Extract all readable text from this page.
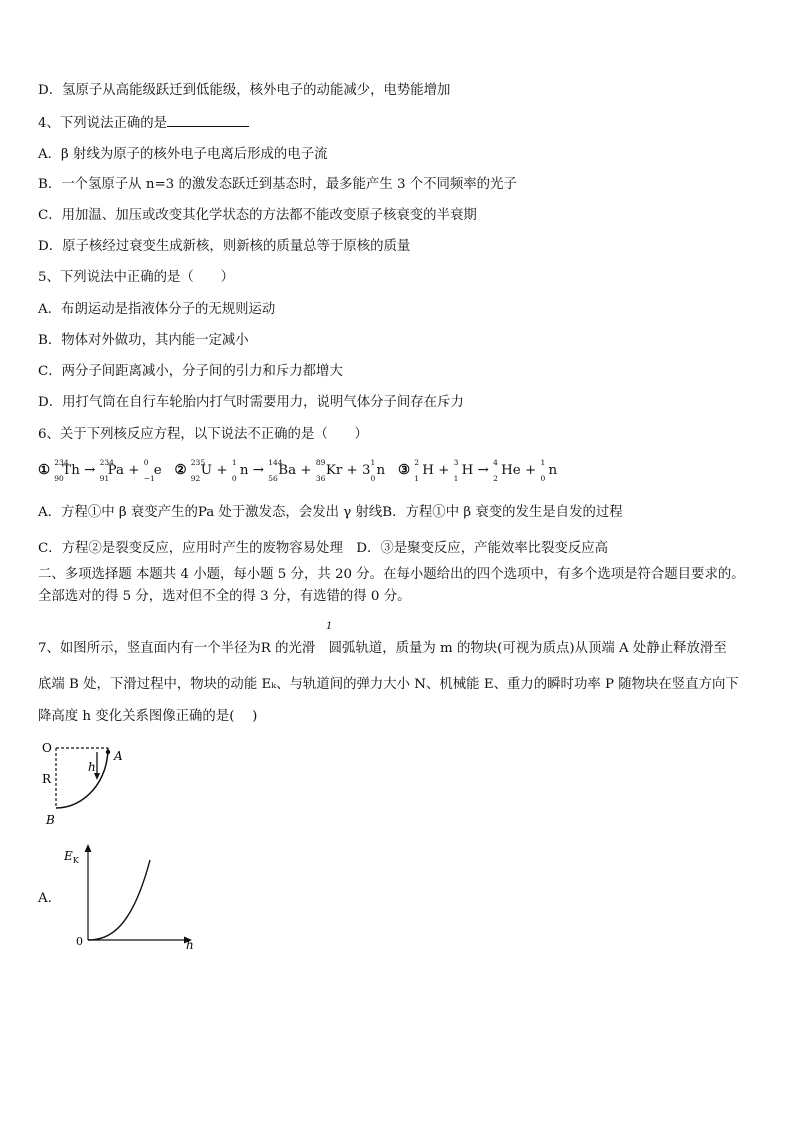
D．氢原子从高能级跃迁到低能级，核外电子的动能减少，电势能增加
4、下列说法正确的是
A．β 射线为原子的核外电子电离后形成的电子流
B．一个氢原子从 n=3 的激发态跃迁到基态时，最多能产生 3 个不同频率的光子
C．用加温、加压或改变其化学状态的方法都不能改变原子核衰变的半衰期
D．原子核经过衰变生成新核，则新核的质量总等于原核的质量
5、下列说法中正确的是（　　）
A．布朗运动是指液体分子的无规则运动
B．物体对外做功，其内能一定减小
C．两分子间距离减小，分子间的引力和斥力都增大
D．用打气筒在自行车轮胎内打气时需要用力，说明气体分子间存在斥力
6、关于下列核反应方程，以下说法不正确的是（　　）
① 234
90
Th →
234
91
Pa +
0
−1
e ② 235
92
U +
1
0
n →
144
56
Ba +
89
36
Kr + 3
1
0
n ③ 2
1
H +
3
1
H →
4
2
He +
1
0
n
A．方程①中 β 衰变产生的Pa 处于激发态，会发出 γ 射线B．方程①中 β 衰变的发生是自发的过程
C．方程②是裂变反应，应用时产生的废物容易处理　D．③是聚变反应，产能效率比裂变反应高
二、多项选择题 本题共 4 小题，每小题 5 分，共 20 分。在每小题给出的四个选项中，有多个选项是符合题目要求的。
全部选对的得 5 分，选对但不全的得 3 分，有选错的得 0 分。
1
7、如图所示，竖直面内有一个半径为R 的光滑　圆弧轨道，质量为 m 的物块(可视为质点)从顶端 A 处静止释放滑至
底端 B 处，下滑过程中，物块的动能 Eₖ、与轨道间的弹力大小 N、机械能 E、重力的瞬时功率 P 随物块在竖直方向下
降高度 h 变化关系图像正确的是(　 )
O
R
h
A
B
A.
$E_K$
0	h
